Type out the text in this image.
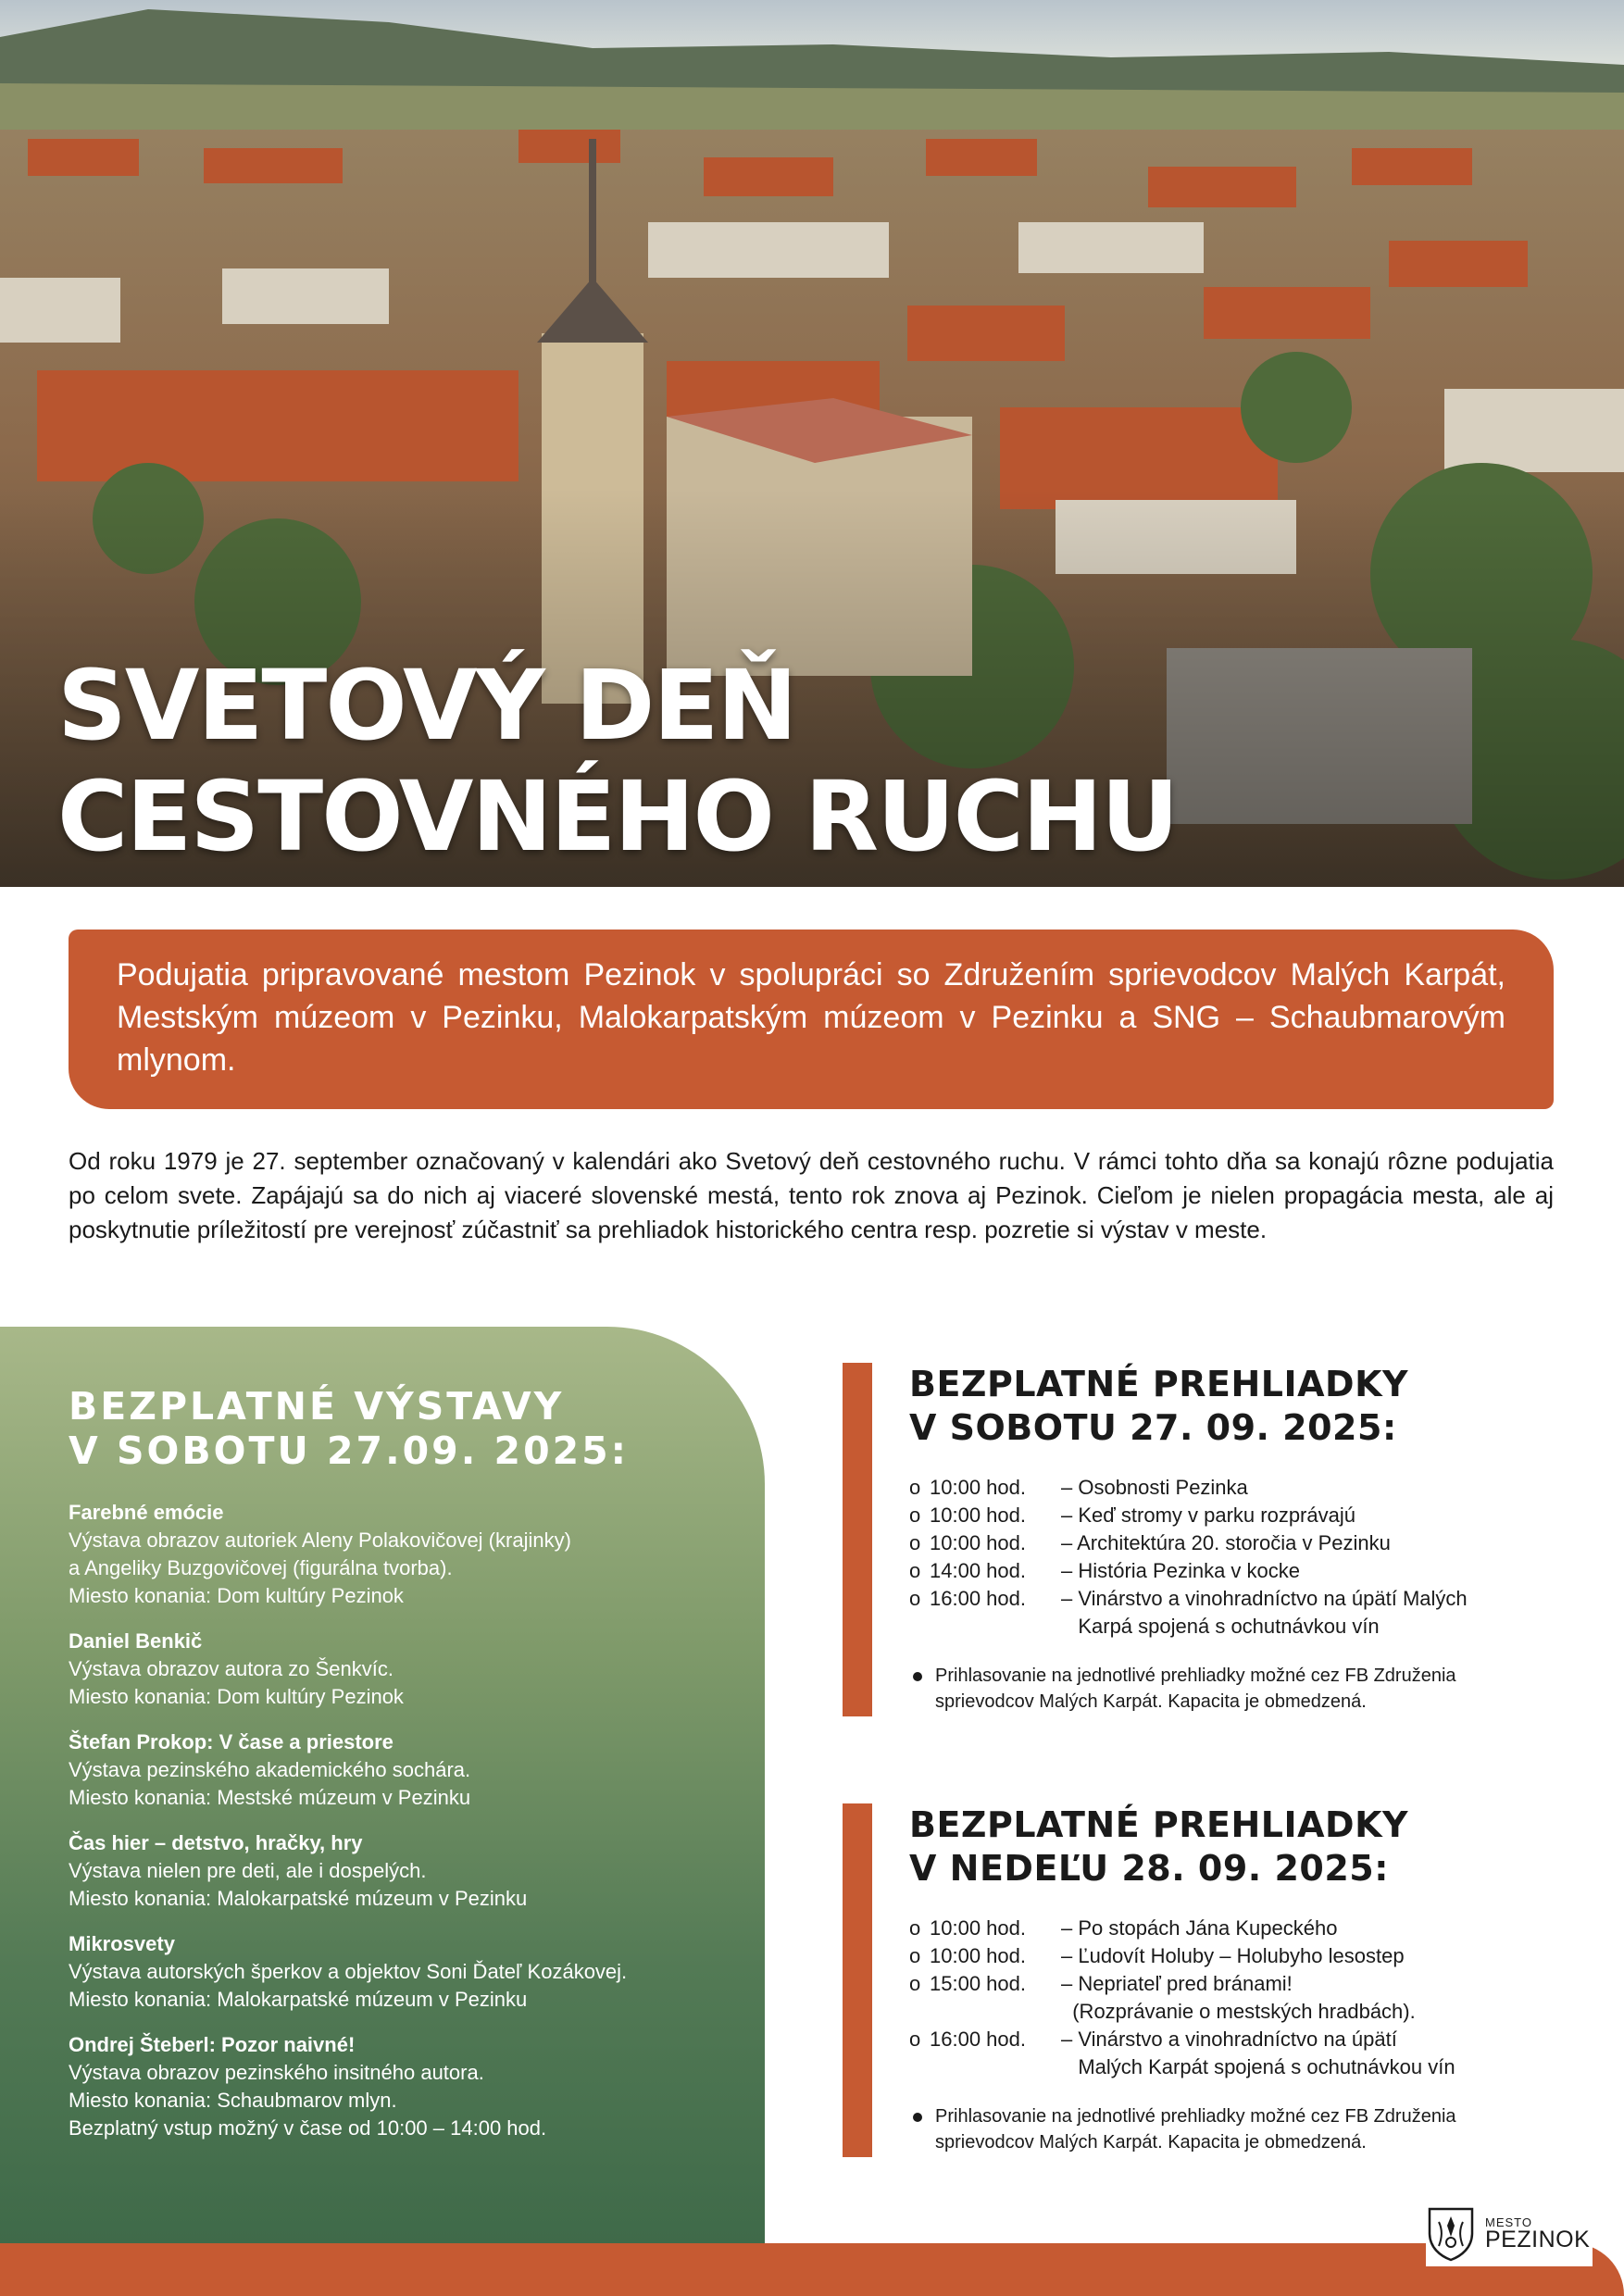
SVETOVÝ DEŇ
CESTOVNÉHO RUCHU
Podujatia pripravované mestom Pezinok v spolupráci so Združením sprievodcov Malých Karpát, Mestským múzeom v Pezinku, Malokarpatským múzeom v Pezinku a SNG – Schaubmarovým mlynom.

Od roku 1979 je 27. september označovaný v kalendári ako Svetový deň cestovného ruchu. V rámci tohto dňa sa konajú rôzne podujatia po celom svete. Zapájajú sa do nich aj viaceré slovenské mestá, tento rok znova aj Pezinok. Cieľom je nielen propagácia mesta, ale aj poskytnutie príležitostí pre verejnosť zúčastniť sa prehliadok historického centra resp. pozretie si výstav v meste.

BEZPLATNÉ VÝSTAVY
V SOBOTU 27.09. 2025:
Farebné emócie
Výstava obrazov autoriek Aleny Polakovičovej (krajinky)
a Angeliky Buzgovičovej (figurálna tvorba).
Miesto konania: Dom kultúry Pezinok
Daniel Benkič
Výstava obrazov autora zo Šenkvíc.
Miesto konania: Dom kultúry Pezinok
Štefan Prokop: V čase a priestore
Výstava pezinského akademického sochára.
Miesto konania: Mestské múzeum v Pezinku
Čas hier – detstvo, hračky, hry
Výstava nielen pre deti, ale i dospelých.
Miesto konania: Malokarpatské múzeum v Pezinku
Mikrosvety
Výstava autorských šperkov a objektov Soni Ďateľ Kozákovej.
Miesto konania: Malokarpatské múzeum v Pezinku
Ondrej Šteberl: Pozor naivné!
Výstava obrazov pezinského insitného autora.
Miesto konania: Schaubmarov mlyn.
Bezplatný vstup možný v čase od 10:00 – 14:00 hod.
BEZPLATNÉ PREHLIADKY
V SOBOTU 27. 09. 2025:
o 10:00 hod.	– Osobnosti Pezinka
o 10:00 hod.	– Keď stromy v parku rozprávajú
o 10:00 hod.	– Architektúra 20. storočia v Pezinku
o 14:00 hod.	– História Pezinka v kocke
o 16:00 hod.	– Vinárstvo a vinohradníctvo na úpätí Malých
Karpá spojená s ochutnávkou vín
Prihlasovanie na jednotlivé prehliadky možné cez FB Združenia
sprievodcov Malých Karpát. Kapacita je obmedzená.
BEZPLATNÉ PREHLIADKY
V NEDEĽU 28. 09. 2025:
o 10:00 hod.	– Po stopách Jána Kupeckého
o 10:00 hod.	– Ľudovít Holuby – Holubyho lesostep
o 15:00 hod.	– Nepriateľ pred bránami!
(Rozprávanie o mestských hradbách).
o 16:00 hod.	– Vinárstvo a vinohradníctvo na úpätí
Malých Karpát spojená s ochutnávkou vín
Prihlasovanie na jednotlivé prehliadky možné cez FB Združenia
sprievodcov Malých Karpát. Kapacita je obmedzená.
MESTO
PEZINOK
